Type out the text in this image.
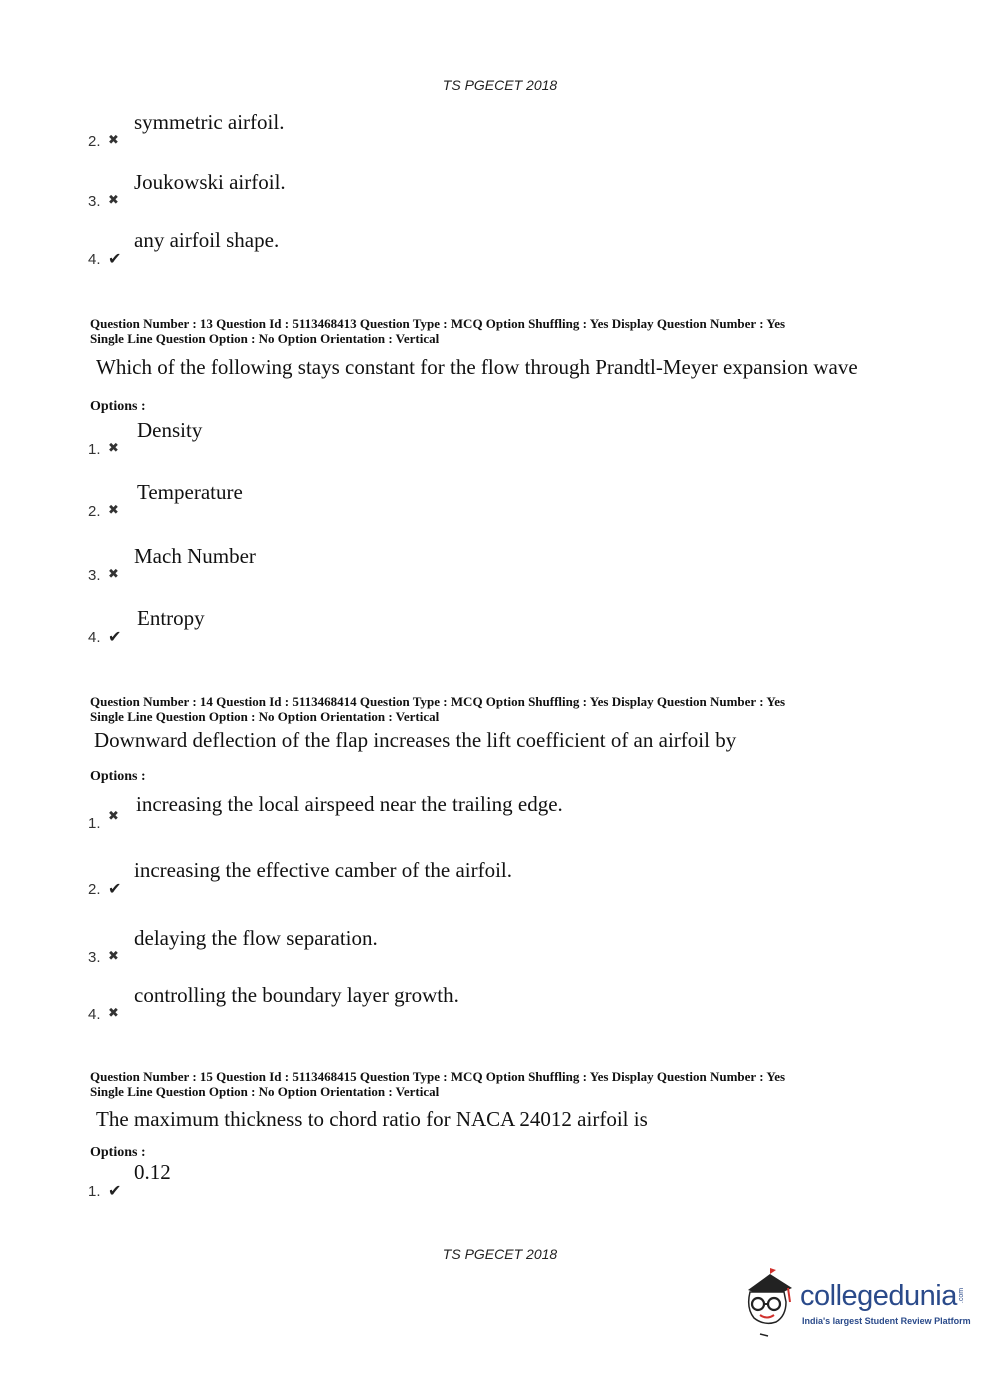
TS PGECET 2018
2. ✖
symmetric airfoil.
3. ✖
Joukowski airfoil.
4. ✔
any airfoil shape.
Question Number : 13 Question Id : 5113468413 Question Type : MCQ Option Shuffling : Yes Display Question Number : Yes
Single Line Question Option : No Option Orientation : Vertical
Which of the following stays constant for the flow through Prandtl-Meyer expansion wave
Options :
1. ✖
Density
2. ✖
Temperature
3. ✖
Mach Number
4. ✔
Entropy
Question Number : 14 Question Id : 5113468414 Question Type : MCQ Option Shuffling : Yes Display Question Number : Yes
Single Line Question Option : No Option Orientation : Vertical
Downward deflection of the flap increases the lift coefficient of an airfoil by
Options :
1. ✖
increasing the local airspeed near the trailing edge.
2. ✔
increasing the effective camber of the airfoil.
3. ✖
delaying the flow separation.
4. ✖
controlling the boundary layer growth.
Question Number : 15 Question Id : 5113468415 Question Type : MCQ Option Shuffling : Yes Display Question Number : Yes
Single Line Question Option : No Option Orientation : Vertical
The maximum thickness to chord ratio for NACA 24012 airfoil is
Options :
1. ✔
0.12
TS PGECET 2018
collegedunia .com
India's largest Student Review Platform
